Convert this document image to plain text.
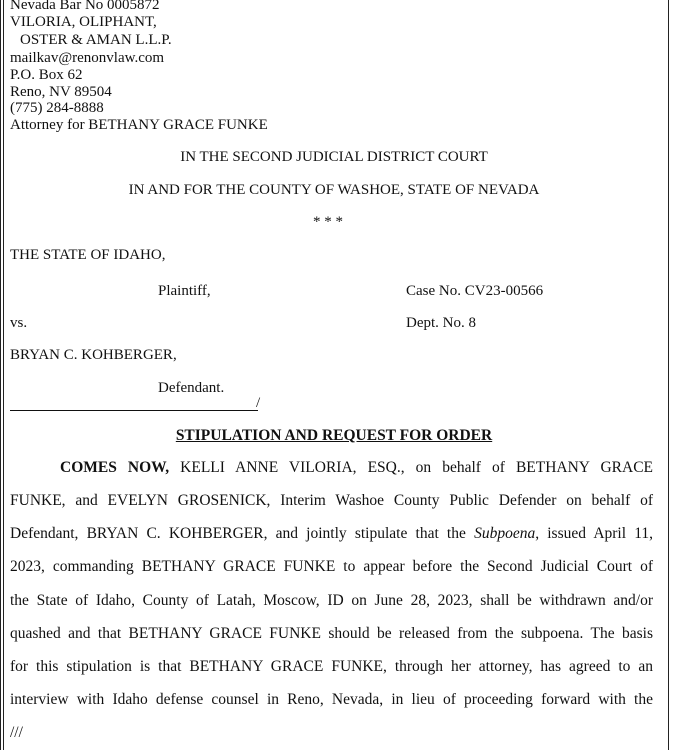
Nevada Bar No 0005872
VILORIA, OLIPHANT,
OSTER & AMAN L.L.P.
mailkav@renonvlaw.com
P.O. Box 62
Reno, NV 89504
(775) 284-8888
Attorney for BETHANY GRACE FUNKE
IN THE SECOND JUDICIAL DISTRICT COURT
IN AND FOR THE COUNTY OF WASHOE, STATE OF NEVADA
* * *
THE STATE OF IDAHO,
Plaintiff,	Case No. CV23-00566
vs.	Dept. No. 8
BRYAN C. KOHBERGER,
Defendant.
/
STIPULATION AND REQUEST FOR ORDER
COMES NOW, KELLI ANNE VILORIA, ESQ., on behalf of BETHANY GRACE
FUNKE, and EVELYN GROSENICK, Interim Washoe County Public Defender on behalf of
Defendant, BRYAN C. KOHBERGER, and jointly stipulate that the Subpoena, issued April 11,
2023, commanding BETHANY GRACE FUNKE to appear before the Second Judicial Court of
the State of Idaho, County of Latah, Moscow, ID on June 28, 2023, shall be withdrawn and/or
quashed and that BETHANY GRACE FUNKE should be released from the subpoena. The basis
for this stipulation is that BETHANY GRACE FUNKE, through her attorney, has agreed to an
interview with Idaho defense counsel in Reno, Nevada, in lieu of proceeding forward with the
///
